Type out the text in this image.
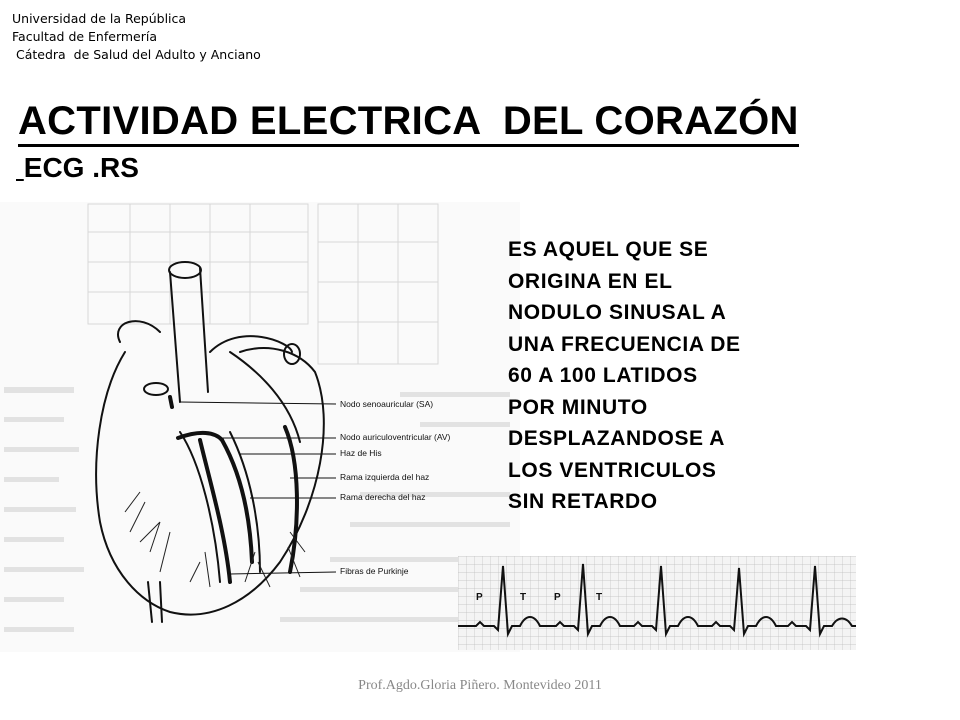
Universidad de la República
Facultad de Enfermería
Cátedra  de Salud del Adulto y Anciano
ACTIVIDAD ELECTRICA  DEL CORAZÓN
ECG .RS
Nodo senoauricular (SA)
Nodo auriculoventricular (AV)
Haz de His
Rama izquierda del haz
Rama derecha del haz
Fibras de Purkinje
P	T	P	T
ES AQUEL QUE SE
ORIGINA EN EL
NODULO SINUSAL A
UNA FRECUENCIA DE
60 A 100 LATIDOS
POR MINUTO
DESPLAZANDOSE A
LOS VENTRICULOS
SIN RETARDO
Prof.Agdo.Gloria Piñero. Montevideo 2011
